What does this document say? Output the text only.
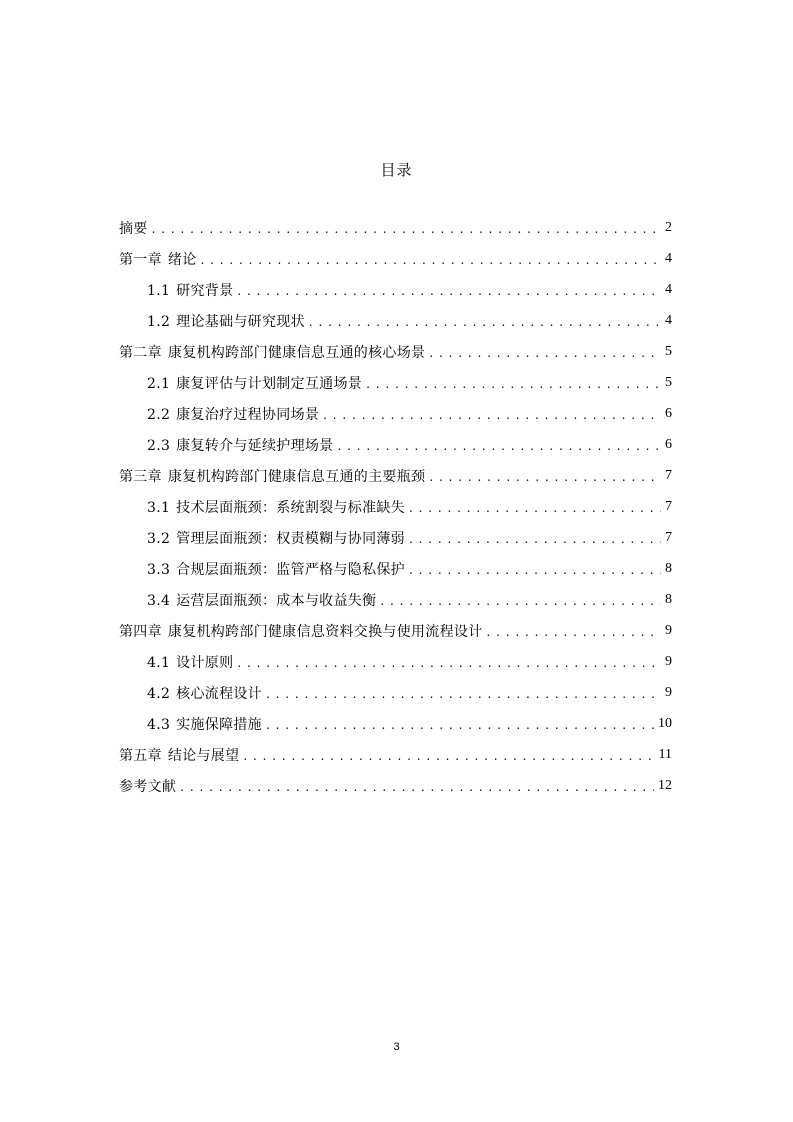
目录
摘要 . . .	2
第一章 绪论 . . .	4
1.1 研究背景 . . .	4
1.2 理论基础与研究现状 . . .	4
第二章 康复机构跨部门健康信息互通的核心场景 . . .	5
2.1 康复评估与计划制定互通场景 . . .	5
2.2 康复治疗过程协同场景 . . .	6
2.3 康复转介与延续护理场景 . . .	6
第三章 康复机构跨部门健康信息互通的主要瓶颈 . . .	7
3.1 技术层面瓶颈：系统割裂与标准缺失 . . .	7
3.2 管理层面瓶颈：权责模糊与协同薄弱 . . .	7
3.3 合规层面瓶颈：监管严格与隐私保护 . . .	8
3.4 运营层面瓶颈：成本与收益失衡 . . .	8
第四章 康复机构跨部门健康信息资料交换与使用流程设计 . . .	9
4.1 设计原则 . . .	9
4.2 核心流程设计 . . .	9
4.3 实施保障措施 . . .	10
第五章 结论与展望 . . .	11
参考文献 . . .	12
3
